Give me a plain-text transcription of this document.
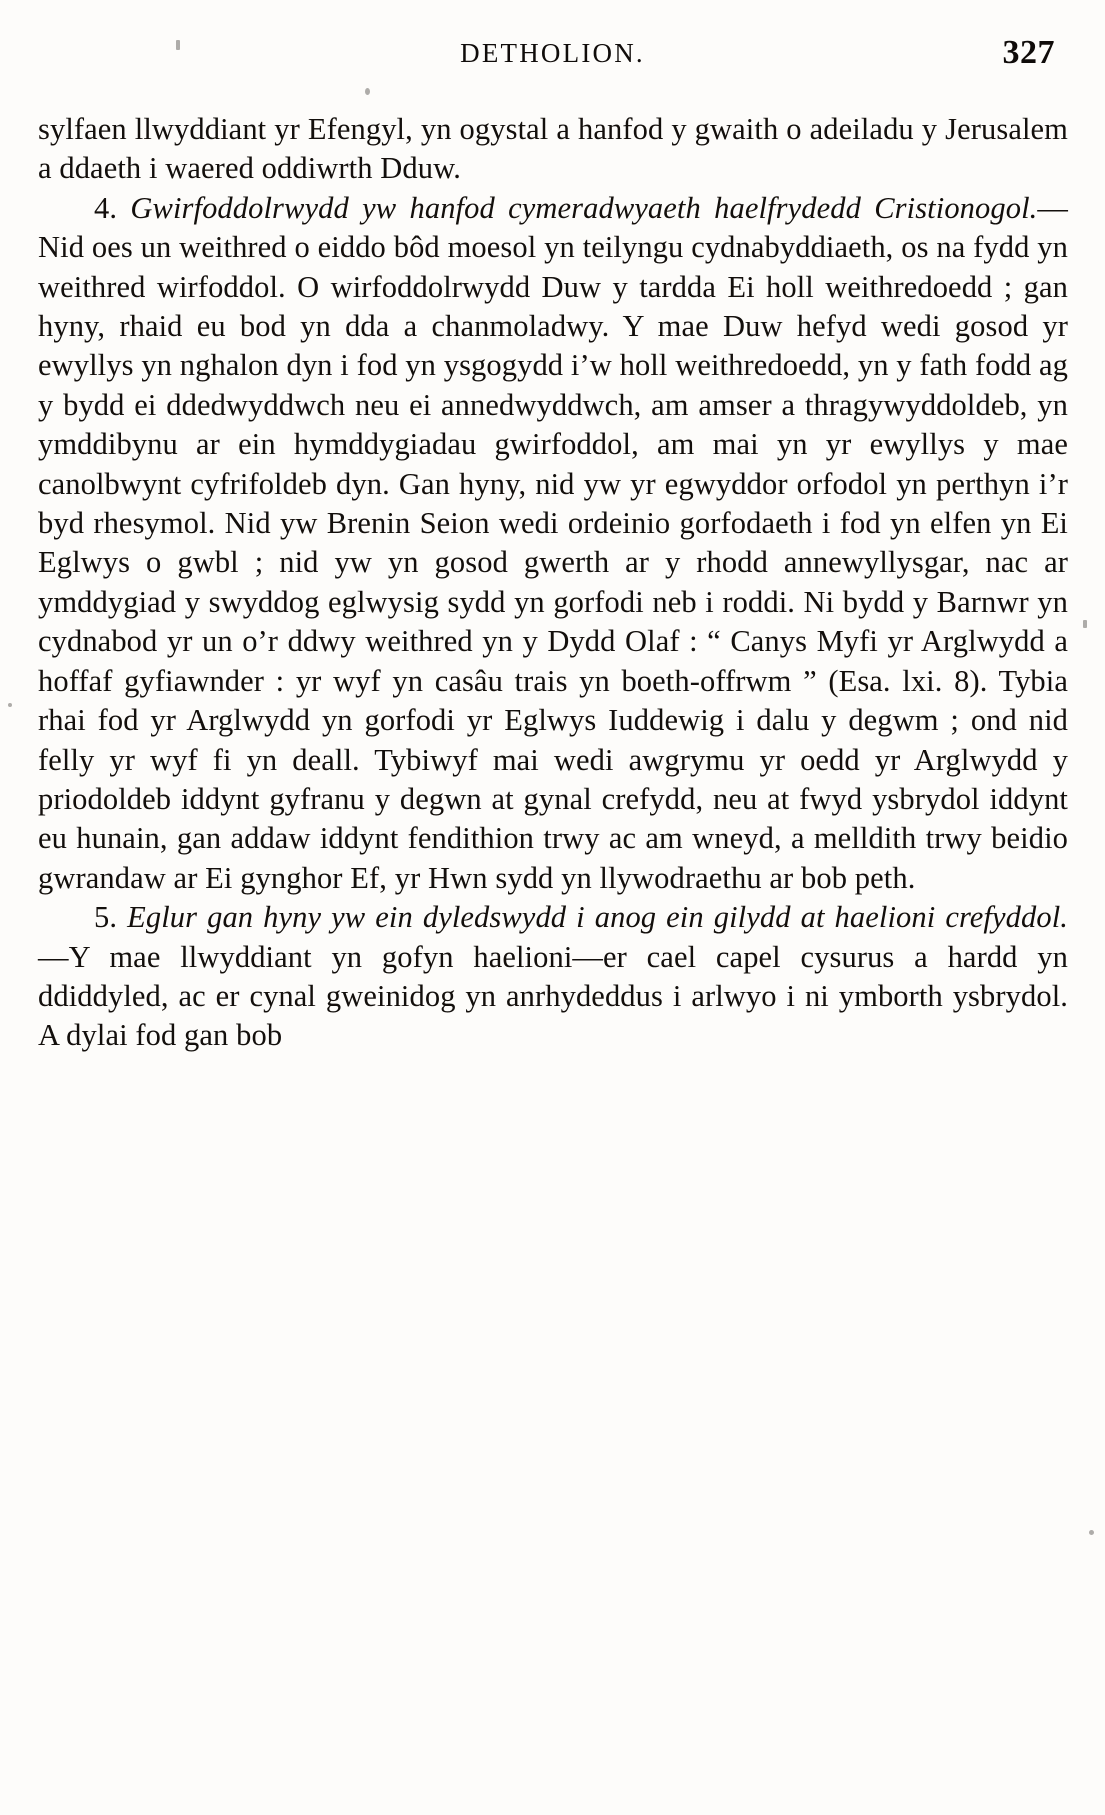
DETHOLION.	327

sylfaen llwyddiant yr Efengyl, yn ogystal a hanfod y gwaith o adeiladu y Jerusalem a ddaeth i waered oddiwrth Dduw.

4. Gwirfoddolrwydd yw hanfod cymeradwyaeth haelfrydedd Cristionogol.—Nid oes un weithred o eiddo bôd moesol yn teilyngu cydnabyddiaeth, os na fydd yn weithred wirfoddol. O wirfoddolrwydd Duw y tardda Ei holl weithredoedd ; gan hyny, rhaid eu bod yn dda a chanmoladwy. Y mae Duw hefyd wedi gosod yr ewyllys yn nghalon dyn i fod yn ysgogydd i’w holl weithredoedd, yn y fath fodd ag y bydd ei ddedwyddwch neu ei annedwyddwch, am amser a thragywyddoldeb, yn ymddibynu ar ein hymddygiadau gwirfoddol, am mai yn yr ewyllys y mae canolbwynt cyfrifoldeb dyn. Gan hyny, nid yw yr egwyddor orfodol yn perthyn i’r byd rhesymol. Nid yw Brenin Seion wedi ordeinio gorfodaeth i fod yn elfen yn Ei Eglwys o gwbl ; nid yw yn gosod gwerth ar y rhodd annewyllysgar, nac ar ymddygiad y swyddog eglwysig sydd yn gorfodi neb i roddi. Ni bydd y Barnwr yn cydnabod yr un o’r ddwy weithred yn y Dydd Olaf : “ Canys Myfi yr Arglwydd a hoffaf gyfiawnder : yr wyf yn casâu trais yn boeth-offrwm ” (Esa. lxi. 8). Tybia rhai fod yr Arglwydd yn gorfodi yr Eglwys Iuddewig i dalu y degwm ; ond nid felly yr wyf fi yn deall. Tybiwyf mai wedi awgrymu yr oedd yr Arglwydd y priodoldeb iddynt gyfranu y degwn at gynal crefydd, neu at fwyd ysbrydol iddynt eu hunain, gan addaw iddynt fendithion trwy ac am wneyd, a melldith trwy beidio gwrandaw ar Ei gynghor Ef, yr Hwn sydd yn llywodraethu ar bob peth.

5. Eglur gan hyny yw ein dyledswydd i anog ein gilydd at haelioni crefyddol.—Y mae llwyddiant yn gofyn haelioni—er cael capel cysurus a hardd yn ddiddyled, ac er cynal gweinidog yn anrhydeddus i arlwyo i ni ymborth ysbrydol. A dylai fod gan bob
